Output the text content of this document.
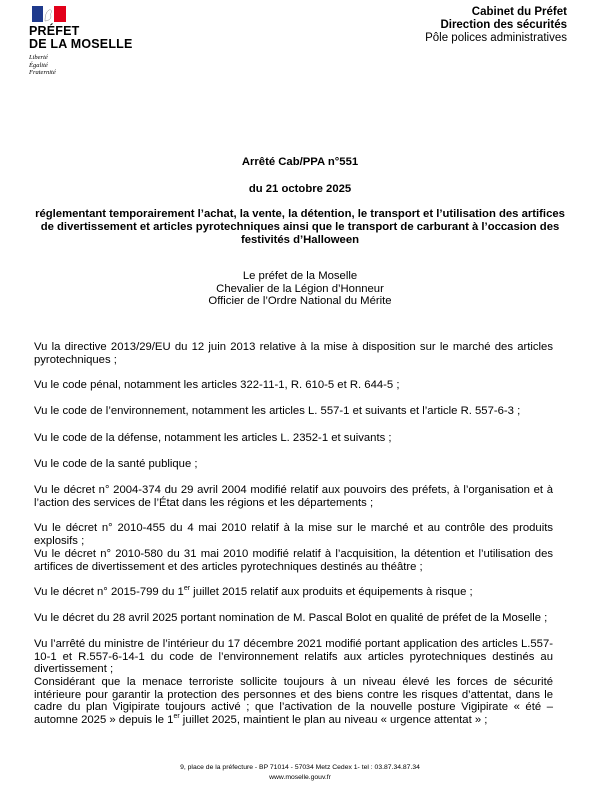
PRÉFET
DE LA MOSELLE
Liberté
Égalité
Fraternité
Cabinet du Préfet
Direction des sécurités
Pôle polices administratives
Arrêté Cab/PPA n°551
du 21 octobre 2025
réglementant temporairement l’achat, la vente, la détention, le transport et l’utilisation des artifices
de divertissement et articles pyrotechniques ainsi que le transport de carburant à l’occasion des
festivités d’Halloween
Le préfet de la Moselle
Chevalier de la Légion d’Honneur
Officier de l’Ordre National du Mérite
Vu la directive 2013/29/EU du 12 juin 2013 relative à la mise à disposition sur le marché des articles pyrotechniques ;
Vu le code pénal, notamment les articles 322-11-1, R. 610-5 et R. 644-5 ;
Vu le code de l’environnement, notamment les articles L. 557-1 et suivants et l’article R. 557-6-3 ;
Vu le code de la défense, notamment les articles L. 2352-1 et suivants ;
Vu le code de la santé publique ;
Vu le décret n° 2004-374 du 29 avril 2004 modifié relatif aux pouvoirs des préfets, à l’organisation et à l’action des services de l’État dans les régions et les départements ;
Vu le décret n° 2010-455 du 4 mai 2010 relatif à la mise sur le marché et au contrôle des produits explosifs ;
Vu le décret n° 2010-580 du 31 mai 2010 modifié relatif à l’acquisition, la détention et l’utilisation des artifices de divertissement et des articles pyrotechniques destinés au théâtre ;
Vu le décret n° 2015-799 du 1er juillet 2015 relatif aux produits et équipements à risque ;
Vu le décret du 28 avril 2025 portant nomination de M. Pascal Bolot en qualité de préfet de la Moselle ;
Vu l’arrêté du ministre de l’intérieur du 17 décembre 2021 modifié portant application des articles L.557-10-1 et R.557-6-14-1 du code de l’environnement relatifs aux articles pyrotechniques destinés au divertissement ;
Considérant que la menace terroriste sollicite toujours à un niveau élevé les forces de sécurité intérieure pour garantir la protection des personnes et des biens contre les risques d’attentat, dans le cadre du plan Vigipirate toujours activé ; que l’activation de la nouvelle posture Vigipirate « été – automne 2025 » depuis le 1er juillet 2025, maintient le plan au niveau « urgence attentat » ;
9, place de la préfecture - BP 71014 - 57034 Metz Cedex 1- tel : 03.87.34.87.34
www.moselle.gouv.fr
